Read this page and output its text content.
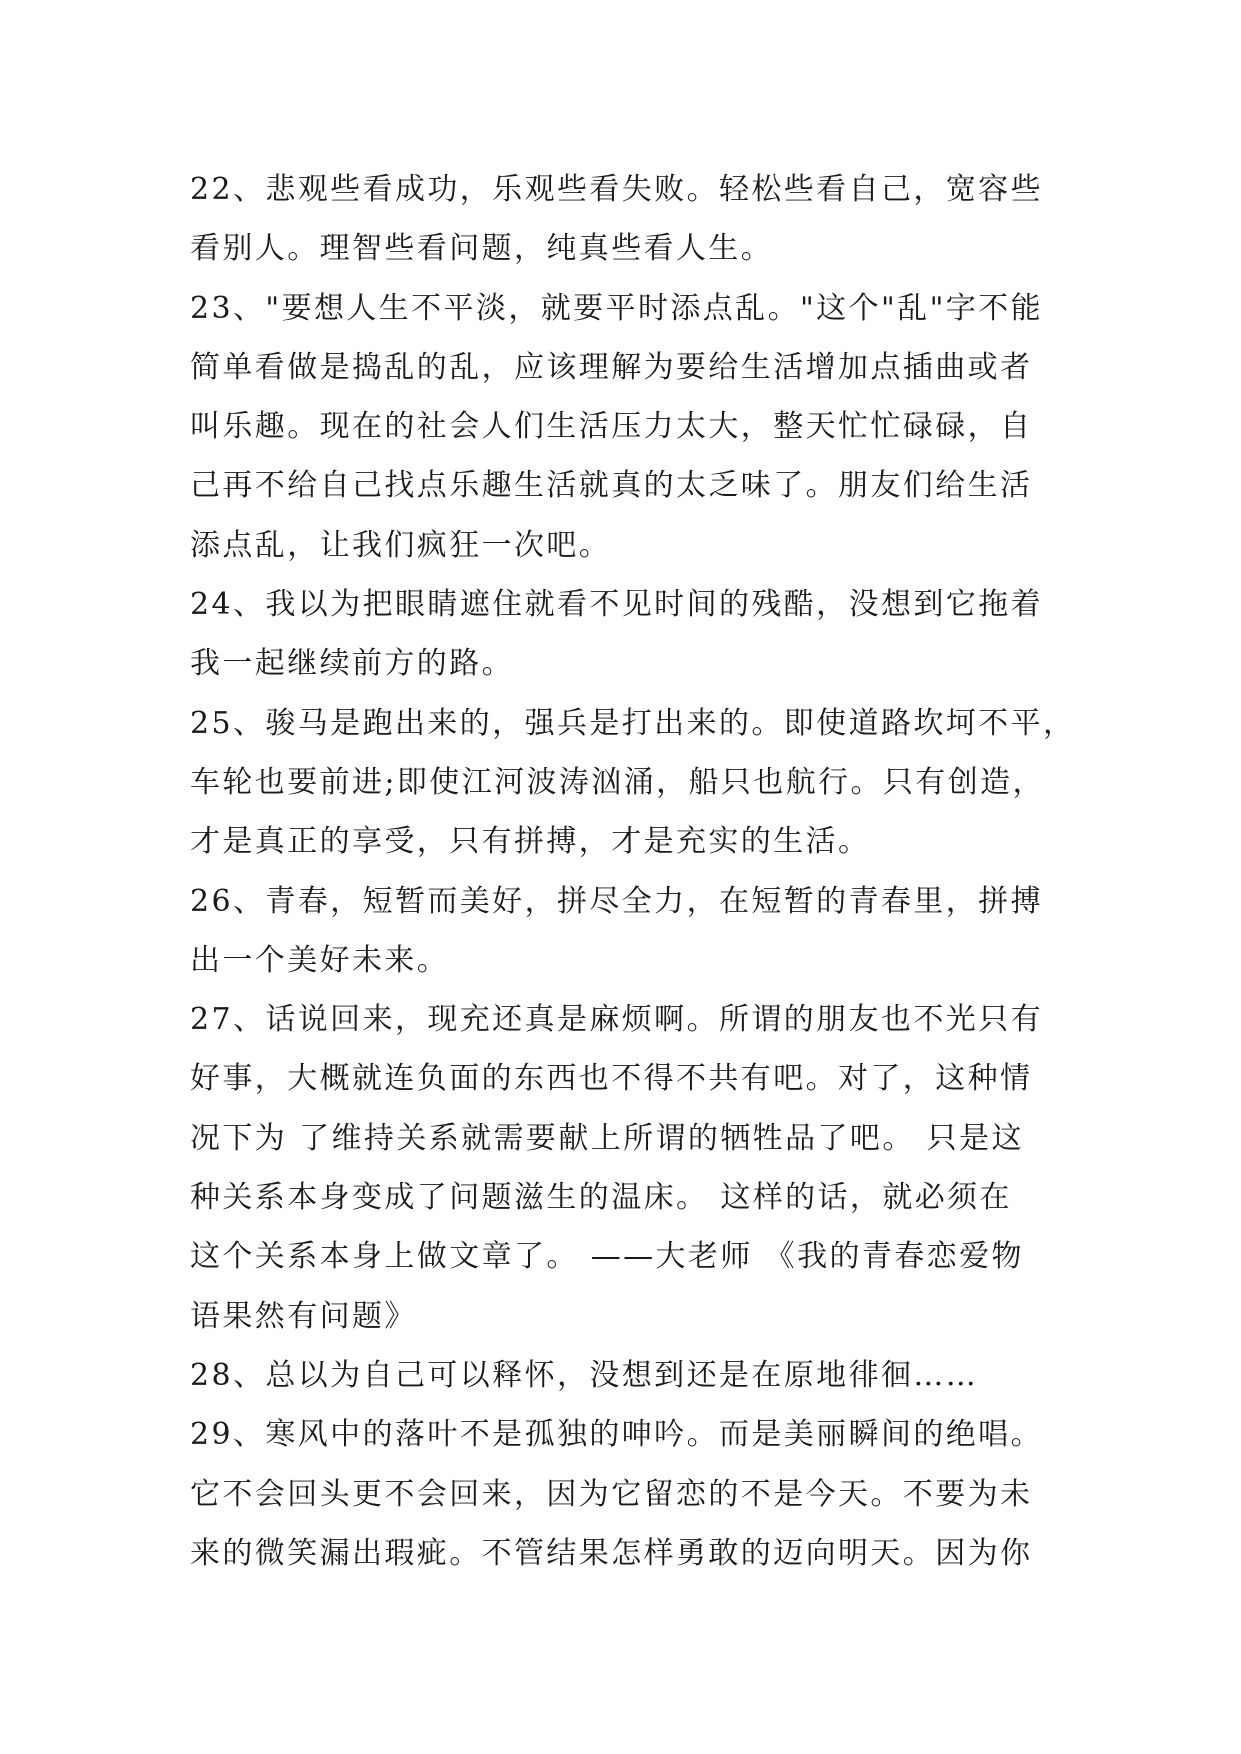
22、悲观些看成功，乐观些看失败。轻松些看自己，宽容些
看别人。理智些看问题，纯真些看人生。
23、"要想人生不平淡，就要平时添点乱。"这个"乱"字不能
简单看做是捣乱的乱，应该理解为要给生活增加点插曲或者
叫乐趣。现在的社会人们生活压力太大，整天忙忙碌碌，自
己再不给自己找点乐趣生活就真的太乏味了。朋友们给生活
添点乱，让我们疯狂一次吧。
24、我以为把眼睛遮住就看不见时间的残酷，没想到它拖着
我一起继续前方的路。
25、骏马是跑出来的，强兵是打出来的。即使道路坎坷不平，
车轮也要前进;即使江河波涛汹涌，船只也航行。只有创造，
才是真正的享受，只有拼搏，才是充实的生活。
26、青春，短暂而美好，拼尽全力，在短暂的青春里，拼搏
出一个美好未来。
27、话说回来，现充还真是麻烦啊。所谓的朋友也不光只有
好事，大概就连负面的东西也不得不共有吧。对了，这种情
况下为 了维持关系就需要献上所谓的牺牲品了吧。 只是这
种关系本身变成了问题滋生的温床。 这样的话，就必须在
这个关系本身上做文章了。 ——大老师 《我的青春恋爱物
语果然有问题》
28、总以为自己可以释怀，没想到还是在原地徘徊……
29、寒风中的落叶不是孤独的呻吟。而是美丽瞬间的绝唱。
它不会回头更不会回来，因为它留恋的不是今天。不要为未
来的微笑漏出瑕疵。不管结果怎样勇敢的迈向明天。因为你
